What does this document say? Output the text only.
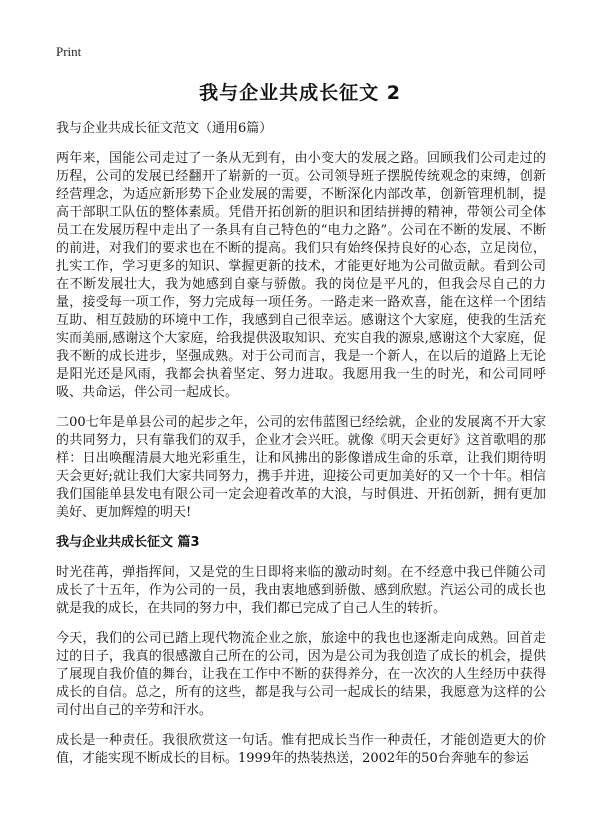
Print
我与企业共成长征文 2

我与企业共成长征文范文（通用6篇）

两年来，国能公司走过了一条从无到有，由小变大的发展之路。回顾我们公司走过的历程，公司的发展已经翻开了崭新的一页。公司领导班子摆脱传统观念的束缚，创新经营理念，为适应新形势下企业发展的需要，不断深化内部改革，创新管理机制，提高干部职工队伍的整体素质。凭借开拓创新的胆识和团结拼搏的精神，带领公司全体员工在发展历程中走出了一条具有自己特色的“电力之路”。公司在不断的发展、不断的前进，对我们的要求也在不断的提高。我们只有始终保持良好的心态，立足岗位，扎实工作，学习更多的知识、掌握更新的技术，才能更好地为公司做贡献。看到公司在不断发展壮大，我为她感到自豪与骄傲。我的岗位是平凡的，但我会尽自己的力量，接受每一项工作，努力完成每一项任务。一路走来一路欢喜，能在这样一个团结互助、相互鼓励的环境中工作，我感到自己很幸运。感谢这个大家庭，使我的生活充实而美丽,感谢这个大家庭，给我提供汲取知识、充实自我的源泉,感谢这个大家庭，促我不断的成长进步，坚强成熟。对于公司而言，我是一个新人，在以后的道路上无论是阳光还是风雨，我都会执着坚定、努力进取。我愿用我一生的时光，和公司同呼吸、共命运，伴公司一起成长。

二00七年是单县公司的起步之年，公司的宏伟蓝图已经绘就，企业的发展离不开大家的共同努力，只有靠我们的双手，企业才会兴旺。就像《明天会更好》这首歌唱的那样：日出唤醒清晨大地光彩重生，让和风拂出的影像谱成生命的乐章，让我们期待明天会更好;就让我们大家共同努力，携手并进，迎接公司更加美好的又一个十年。相信我们国能单县发电有限公司一定会迎着改革的大浪，与时俱进、开拓创新，拥有更加美好、更加辉煌的明天!

我与企业共成长征文 篇3

时光荏苒，弹指挥间，又是党的生日即将来临的激动时刻。在不经意中我已伴随公司成长了十五年，作为公司的一员，我由衷地感到骄傲、感到欣慰。汽运公司的成长也就是我的成长，在共同的努力中，我们都已完成了自己人生的转折。

今天，我们的公司已踏上现代物流企业之旅，旅途中的我也也逐渐走向成熟。回首走过的日子，我真的很感激自己所在的公司，因为是公司为我创造了成长的机会，提供了展现自我价值的舞台，让我在工作中不断的获得养分，在一次次的人生经历中获得成长的自信。总之，所有的这些，都是我与公司一起成长的结果，我愿意为这样的公司付出自己的辛劳和汗水。

成长是一种责任。我很欣赏这一句话。惟有把成长当作一种责任，才能创造更大的价值，才能实现不断成长的目标。1999年的热装热送，2002年的50台奔驰车的参运
